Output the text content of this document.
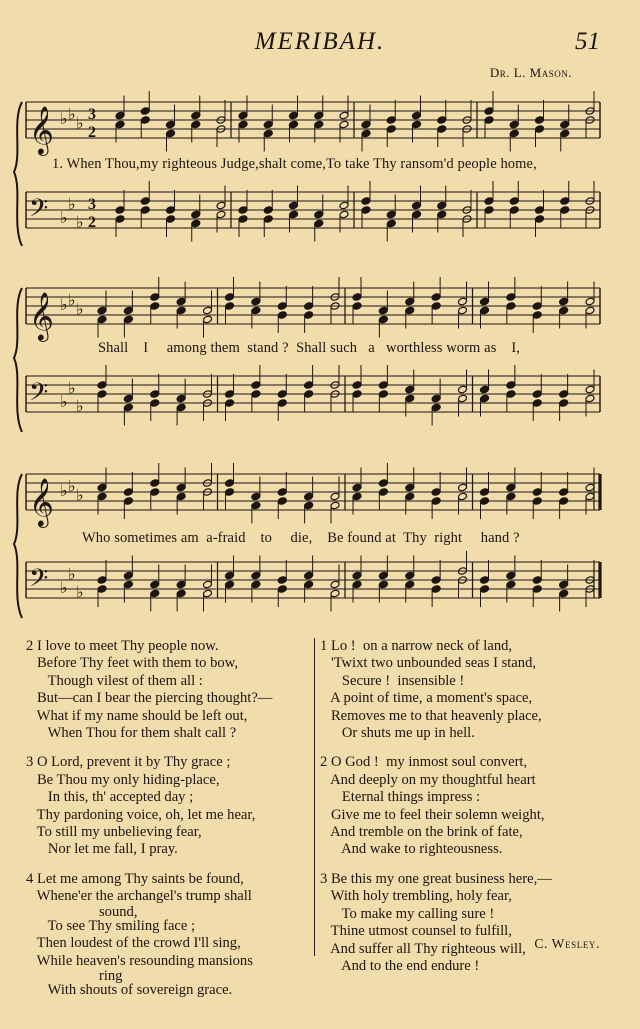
MERIBAH.	51
Dr. L. Mason.
𝄞 ♭ ♭ ♭ 3
2
1. When Thou,my righteous Judge,shalt come,To take Thy ransom'd people home,
𝄢 ♭
♭
♭
3
2
𝄞 ♭ ♭ ♭
Shall    I     among them  stand ?  Shall such   a   worthless worm as    I,
𝄢 ♭
♭
♭
𝄞 ♭ ♭ ♭
Who sometimes am  a-fraid    to     die,    Be found at  Thy  right     hand ?
𝄢 ♭
♭
♭
2 I love to meet Thy people now.
Before Thy feet with them to bow,
Though vilest of them all :
But—can I bear the piercing thought?—
What if my name should be left out,
When Thou for them shalt call ?
3 O Lord, prevent it by Thy grace ;
Be Thou my only hiding-place,
In this, th' accepted day ;
Thy pardoning voice, oh, let me hear,
To still my unbelieving fear,
Nor let me fall, I pray.
4 Let me among Thy saints be found,
Whene'er the archangel's trump shall
sound,
To see Thy smiling face ;
Then loudest of the crowd I'll sing,
While heaven's resounding mansions
ring
With shouts of sovereign grace.
1 Lo !  on a narrow neck of land,
'Twixt two unbounded seas I stand,
Secure !  insensible !
A point of time, a moment's space,
Removes me to that heavenly place,
Or shuts me up in hell.
2 O God !  my inmost soul convert,
And deeply on my thoughtful heart
Eternal things impress :
Give me to feel their solemn weight,
And tremble on the brink of fate,
And wake to righteousness.
3 Be this my one great business here,—
With holy trembling, holy fear,
To make my calling sure !
Thine utmost counsel to fulfill,
And suffer all Thy righteous will,
And to the end endure !
C. Wesley.
